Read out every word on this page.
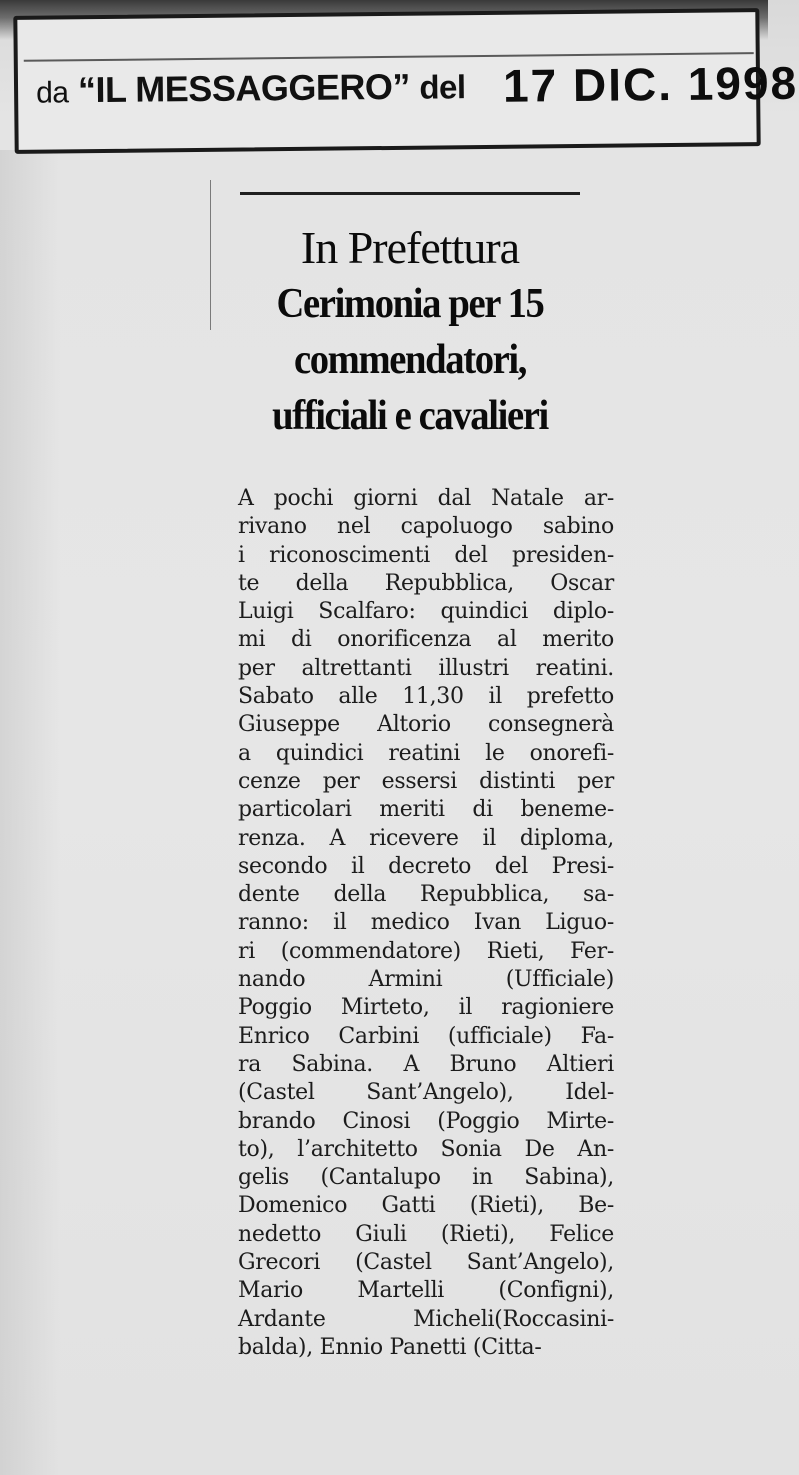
da “IL MESSAGGERO” del 17 DIC. 1998
In Prefettura
Cerimonia per 15
commendatori,
ufficiali e cavalieri
A pochi giorni dal Natale ar-
rivano nel capoluogo sabino
i riconoscimenti del presiden-
te della Repubblica, Oscar
Luigi Scalfaro: quindici diplo-
mi di onorificenza al merito
per altrettanti illustri reatini.
Sabato alle 11,30 il prefetto
Giuseppe Altorio consegnerà
a quindici reatini le onorefi-
cenze per essersi distinti per
particolari meriti di beneme-
renza. A ricevere il diploma,
secondo il decreto del Presi-
dente della Repubblica, sa-
ranno: il medico Ivan Liguo-
ri (commendatore) Rieti, Fer-
nando Armini (Ufficiale)
Poggio Mirteto, il ragioniere
Enrico Carbini (ufficiale) Fa-
ra Sabina. A Bruno Altieri
(Castel Sant’Angelo), Idel-
brando Cinosi (Poggio Mirte-
to), l’architetto Sonia De An-
gelis (Cantalupo in Sabina),
Domenico Gatti (Rieti), Be-
nedetto Giuli (Rieti), Felice
Grecori (Castel Sant’Angelo),
Mario Martelli (Configni),
Ardante Micheli(Roccasini-
balda), Ennio Panetti (Citta-
